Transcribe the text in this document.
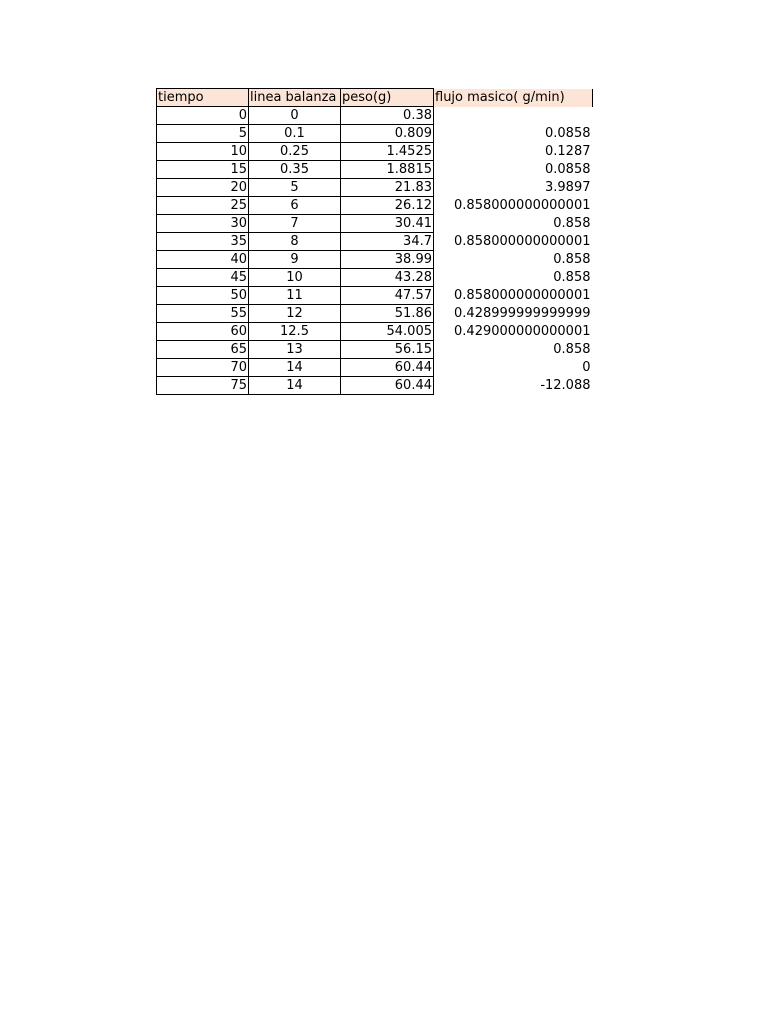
tiempo	linea balanza	peso(g)	flujo masico( g/min)
0	0	0.38	
5	0.1	0.809	0.0858
10	0.25	1.4525	0.1287
15	0.35	1.8815	0.0858
20	5	21.83	3.9897
25	6	26.12	0.858000000000001
30	7	30.41	0.858
35	8	34.7	0.858000000000001
40	9	38.99	0.858
45	10	43.28	0.858
50	11	47.57	0.858000000000001
55	12	51.86	0.428999999999999
60	12.5	54.005	0.429000000000001
65	13	56.15	0.858
70	14	60.44	0
75	14	60.44	-12.088
